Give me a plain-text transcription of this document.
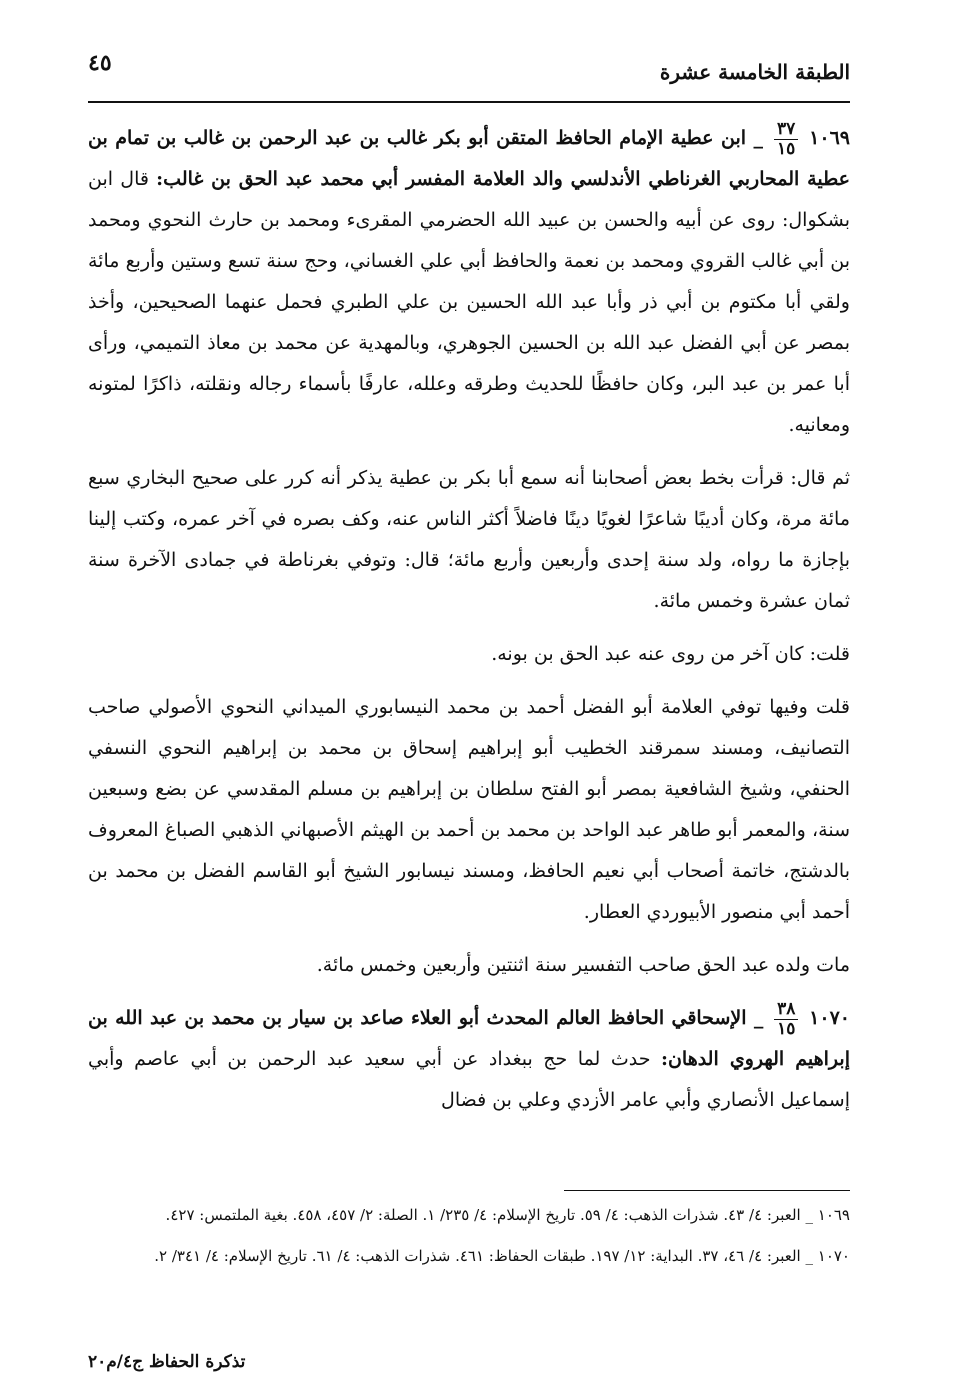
الطبقة الخامسة عشرة
٤٥

١٠٦٩
$\frac{٣٧}{١٥}$
_ ابن عطية الإمام الحافظ المتقن أبو بكر غالب بن عبد الرحمن بن غالب بن تمام بن عطية المحاربي الغرناطي الأندلسي والد العلامة المفسر أبي محمد عبد الحق بن غالب: قال ابن بشكوال: روى عن أبيه والحسن بن عبيد الله الحضرمي المقرىء ومحمد بن حارث النحوي ومحمد بن أبي غالب القروي ومحمد بن نعمة والحافظ أبي علي الغساني، وحج سنة تسع وستين وأربع مائة ولقي أبا مكتوم بن أبي ذر وأبا عبد الله الحسين بن علي الطبري فحمل عنهما الصحيحين، وأخذ بمصر عن أبي الفضل عبد الله بن الحسين الجوهري، وبالمهدية عن محمد بن معاذ التميمي، ورأى أبا عمر بن عبد البر، وكان حافظًا للحديث وطرقه وعلله، عارفًا بأسماء رجاله ونقلته، ذاكرًا لمتونه ومعانيه.

ثم قال: قرأت بخط بعض أصحابنا أنه سمع أبا بكر بن عطية يذكر أنه كرر على صحيح البخاري سبع مائة مرة، وكان أديبًا شاعرًا لغويًا دينًا فاضلاً أكثر الناس عنه، وكف بصره في آخر عمره، وكتب إلينا بإجازة ما رواه، ولد سنة إحدى وأربعين وأربع مائة؛ قال: وتوفي بغرناطة في جمادى الآخرة سنة ثمان عشرة وخمس مائة.

قلت: كان آخر من روى عنه عبد الحق بن بونه.

قلت وفيها توفي العلامة أبو الفضل أحمد بن محمد النيسابوري الميداني النحوي الأصولي صاحب التصانيف، ومسند سمرقند الخطيب أبو إبراهيم إسحاق بن محمد بن إبراهيم النحوي النسفي الحنفي، وشيخ الشافعية بمصر أبو الفتح سلطان بن إبراهيم بن مسلم المقدسي عن بضع وسبعين سنة، والمعمر أبو طاهر عبد الواحد بن محمد بن أحمد بن الهيثم الأصبهاني الذهبي الصباغ المعروف بالدشتج، خاتمة أصحاب أبي نعيم الحافظ، ومسند نيسابور الشيخ أبو القاسم الفضل بن محمد بن أحمد أبي منصور الأبيوردي العطار.

مات ولده عبد الحق صاحب التفسير سنة اثنتين وأربعين وخمس مائة.

١٠٧٠
$\frac{٣٨}{١٥}$
_ الإسحاقي الحافظ العالم المحدث أبو العلاء صاعد بن سيار بن محمد بن عبد الله بن إبراهيم الهروي الدهان: حدث لما حج ببغداد عن أبي سعيد عبد الرحمن بن أبي عاصم وأبي إسماعيل الأنصاري وأبي عامر الأزدي وعلي بن فضال

١٠٦٩ _ العبر: ٤/ ٤٣. شذرات الذهب: ٤/ ٥٩. تاريخ الإسلام: ٤/ ٢٣٥/ ١. الصلة: ٢/ ٤٥٧، ٤٥٨. بغية الملتمس: ٤٢٧.

١٠٧٠ _ العبر: ٤/ ٤٦، ٣٧. البداية: ١٢/ ١٩٧. طبقات الحفاظ: ٤٦١. شذرات الذهب: ٤/ ٦١. تاريخ الإسلام: ٤/ ٣٤١/ ٢.

تذكرة الحفاظ ج٤/م٢٠
